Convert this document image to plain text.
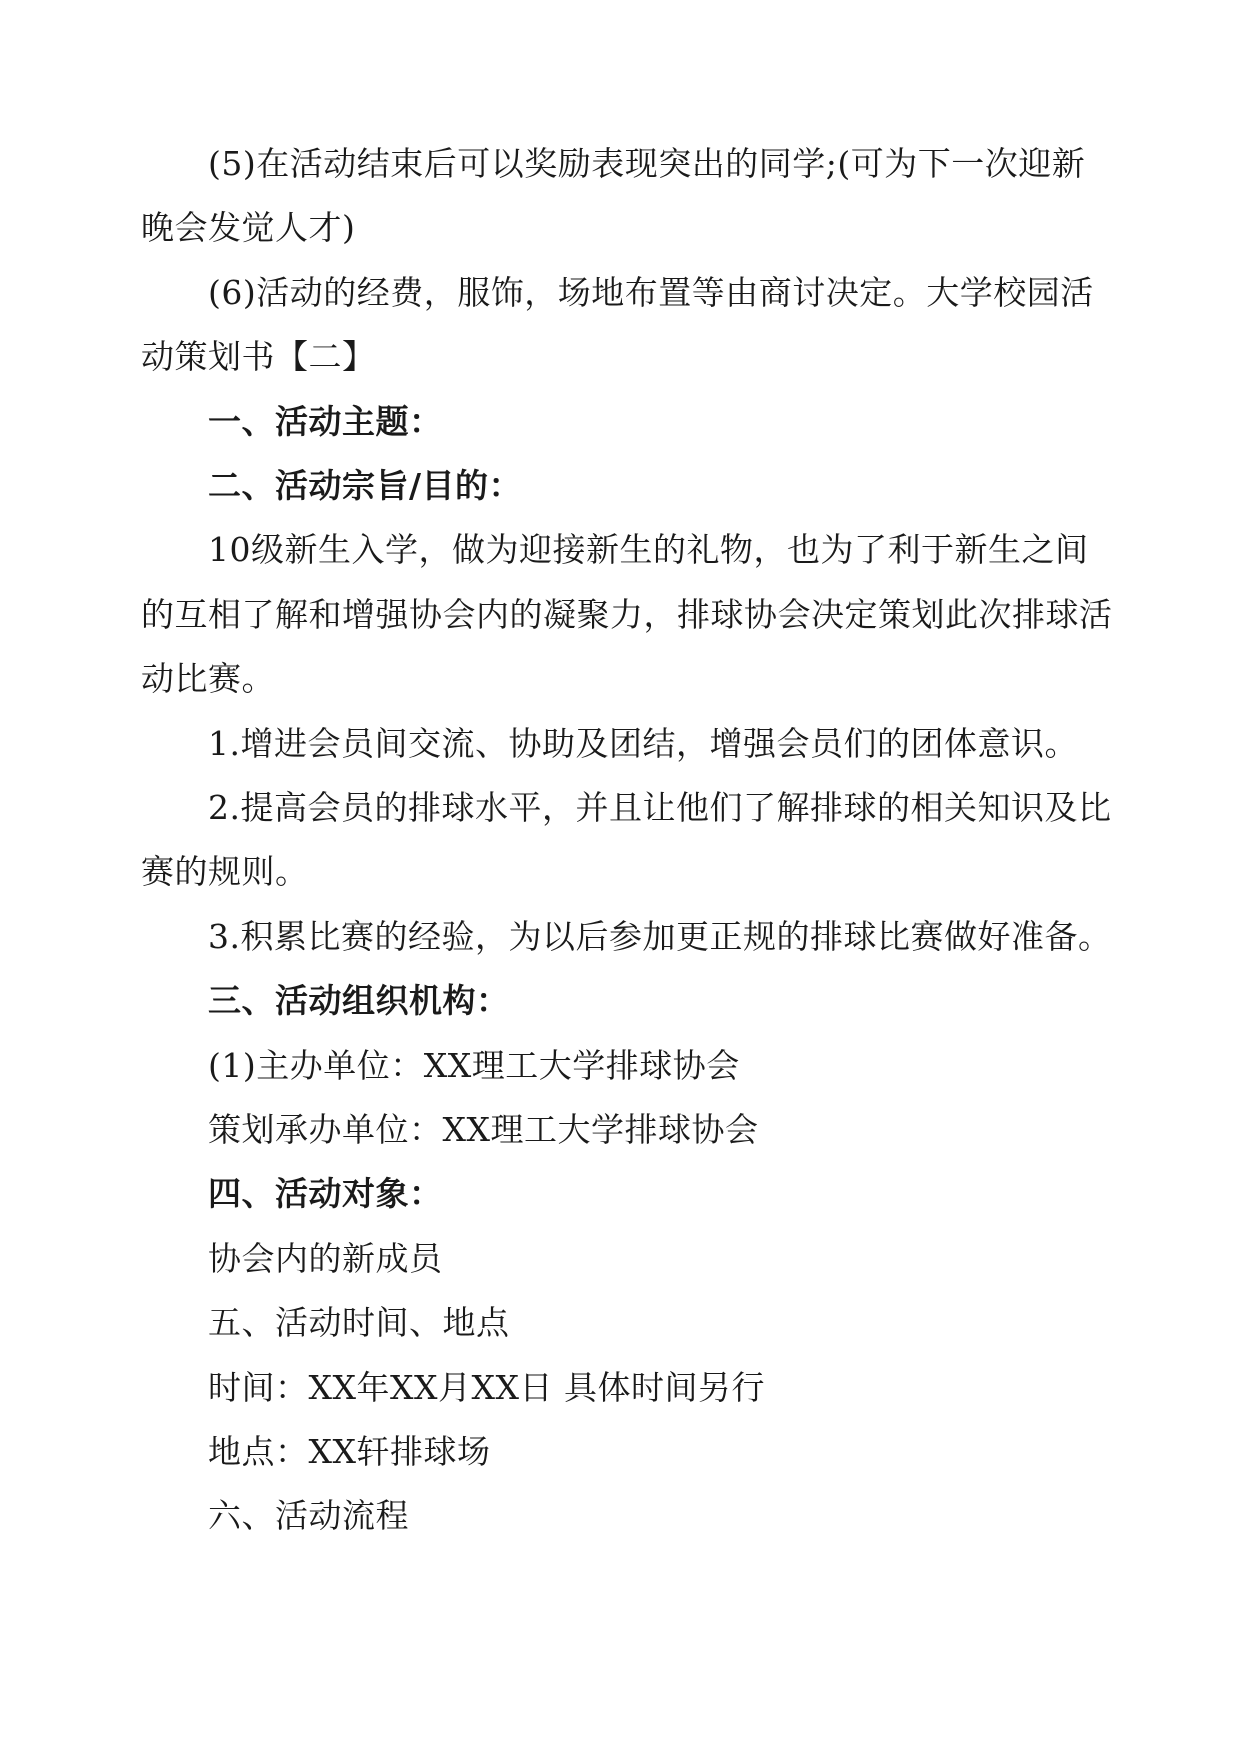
(5)在活动结束后可以奖励表现突出的同学;(可为下一次迎新
晚会发觉人才)
(6)活动的经费，服饰，场地布置等由商讨决定。大学校园活
动策划书【二】
一、活动主题：
二、活动宗旨/目的：
10级新生入学，做为迎接新生的礼物，也为了利于新生之间
的互相了解和增强协会内的凝聚力，排球协会决定策划此次排球活
动比赛。
1.增进会员间交流、协助及团结，增强会员们的团体意识。
2.提高会员的排球水平，并且让他们了解排球的相关知识及比
赛的规则。
3.积累比赛的经验，为以后参加更正规的排球比赛做好准备。
三、活动组织机构：
(1)主办单位：XX理工大学排球协会
策划承办单位：XX理工大学排球协会
四、活动对象：
协会内的新成员
五、活动时间、地点
时间：XX年XX月XX日 具体时间另行
地点：XX轩排球场
六、活动流程
